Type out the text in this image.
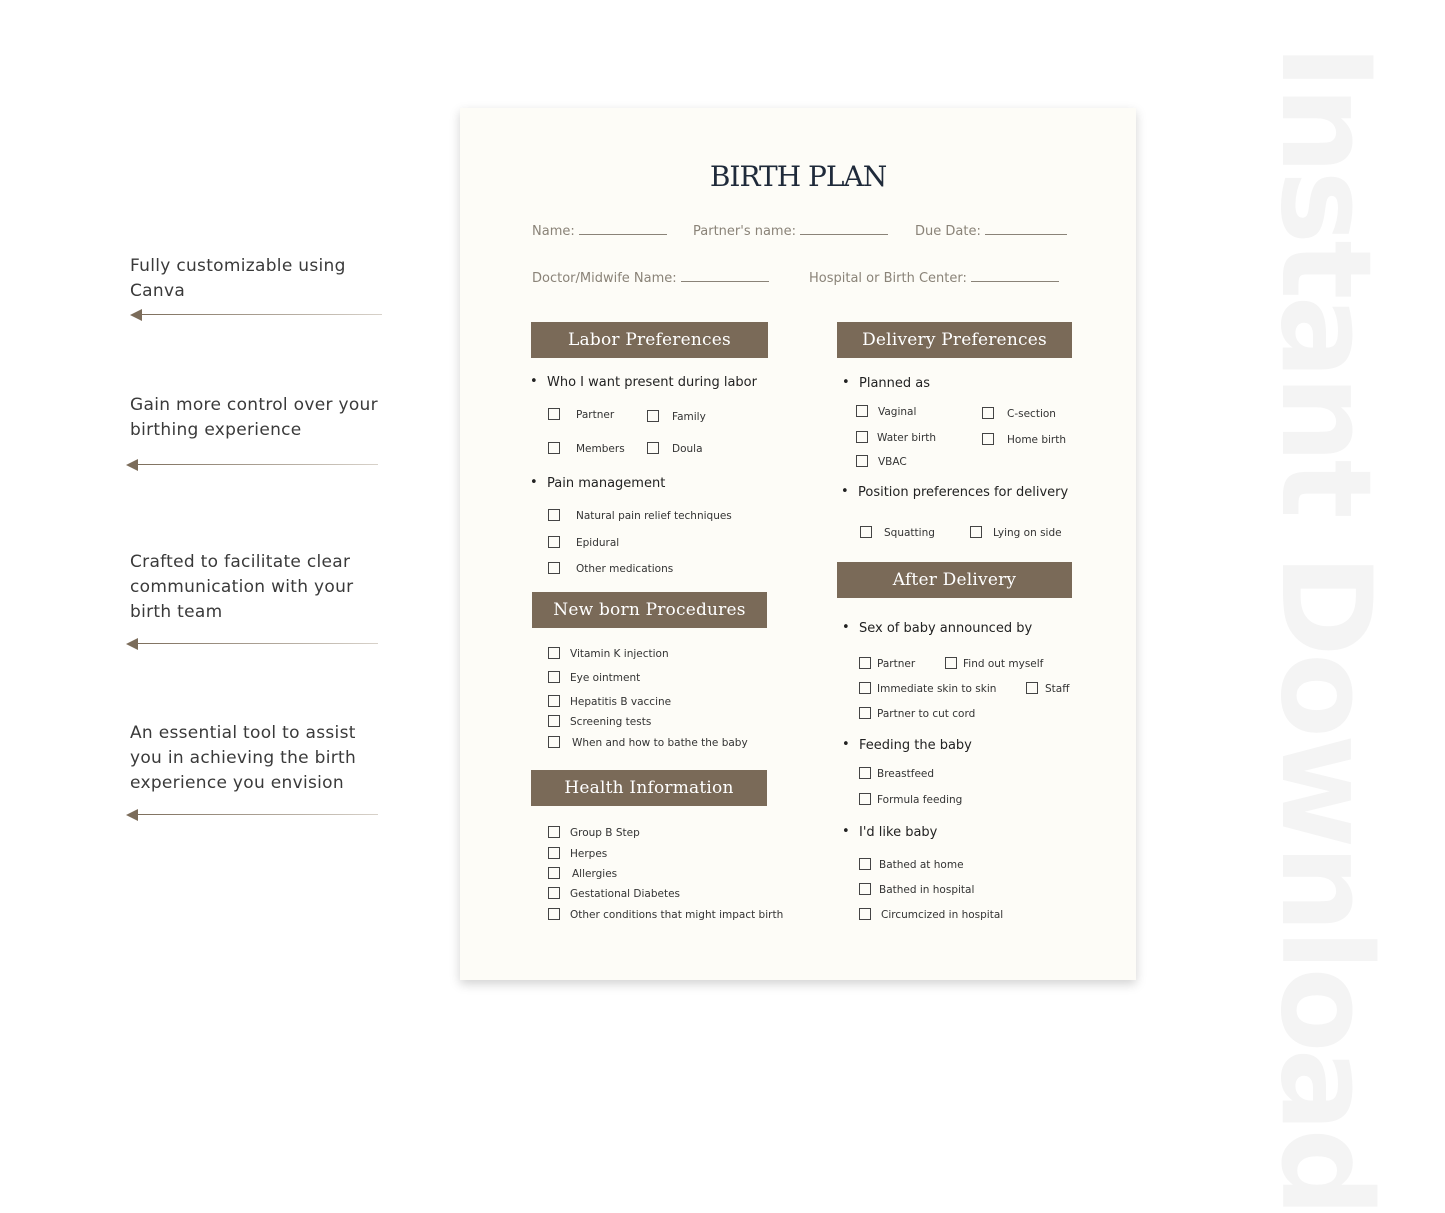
Fully customizable using Canva
Gain more control over your birthing experience
Crafted to facilitate clear communication with your birth team
An essential tool to assist you in achieving the birth experience you envision	Instant Download
BIRTH PLAN
Name:	Partner's name:	Due Date:
Doctor/Midwife Name:	Hospital or Birth Center:
Labor Preferences
• Who I want present during labor
Partner	Family
Members	Doula
• Pain management
Natural pain relief techniques
Epidural
Other medications
New born Procedures
Vitamin K injection
Eye ointment
Hepatitis B vaccine
Screening tests
When and how to bathe the baby
Health Information
Group B Step
Herpes
Allergies
Gestational Diabetes
Other conditions that might impact birth
Delivery Preferences
• Planned as
Vaginal	C-section
Water birth	Home birth
VBAC
• Position preferences for delivery
Squatting	Lying on side
After Delivery
• Sex of baby announced by
Partner	Find out myself
Immediate skin to skin	Staff
Partner to cut cord
• Feeding the baby
Breastfeed
Formula feeding
• I'd like baby
Bathed at home
Bathed in hospital
Circumcized in hospital
